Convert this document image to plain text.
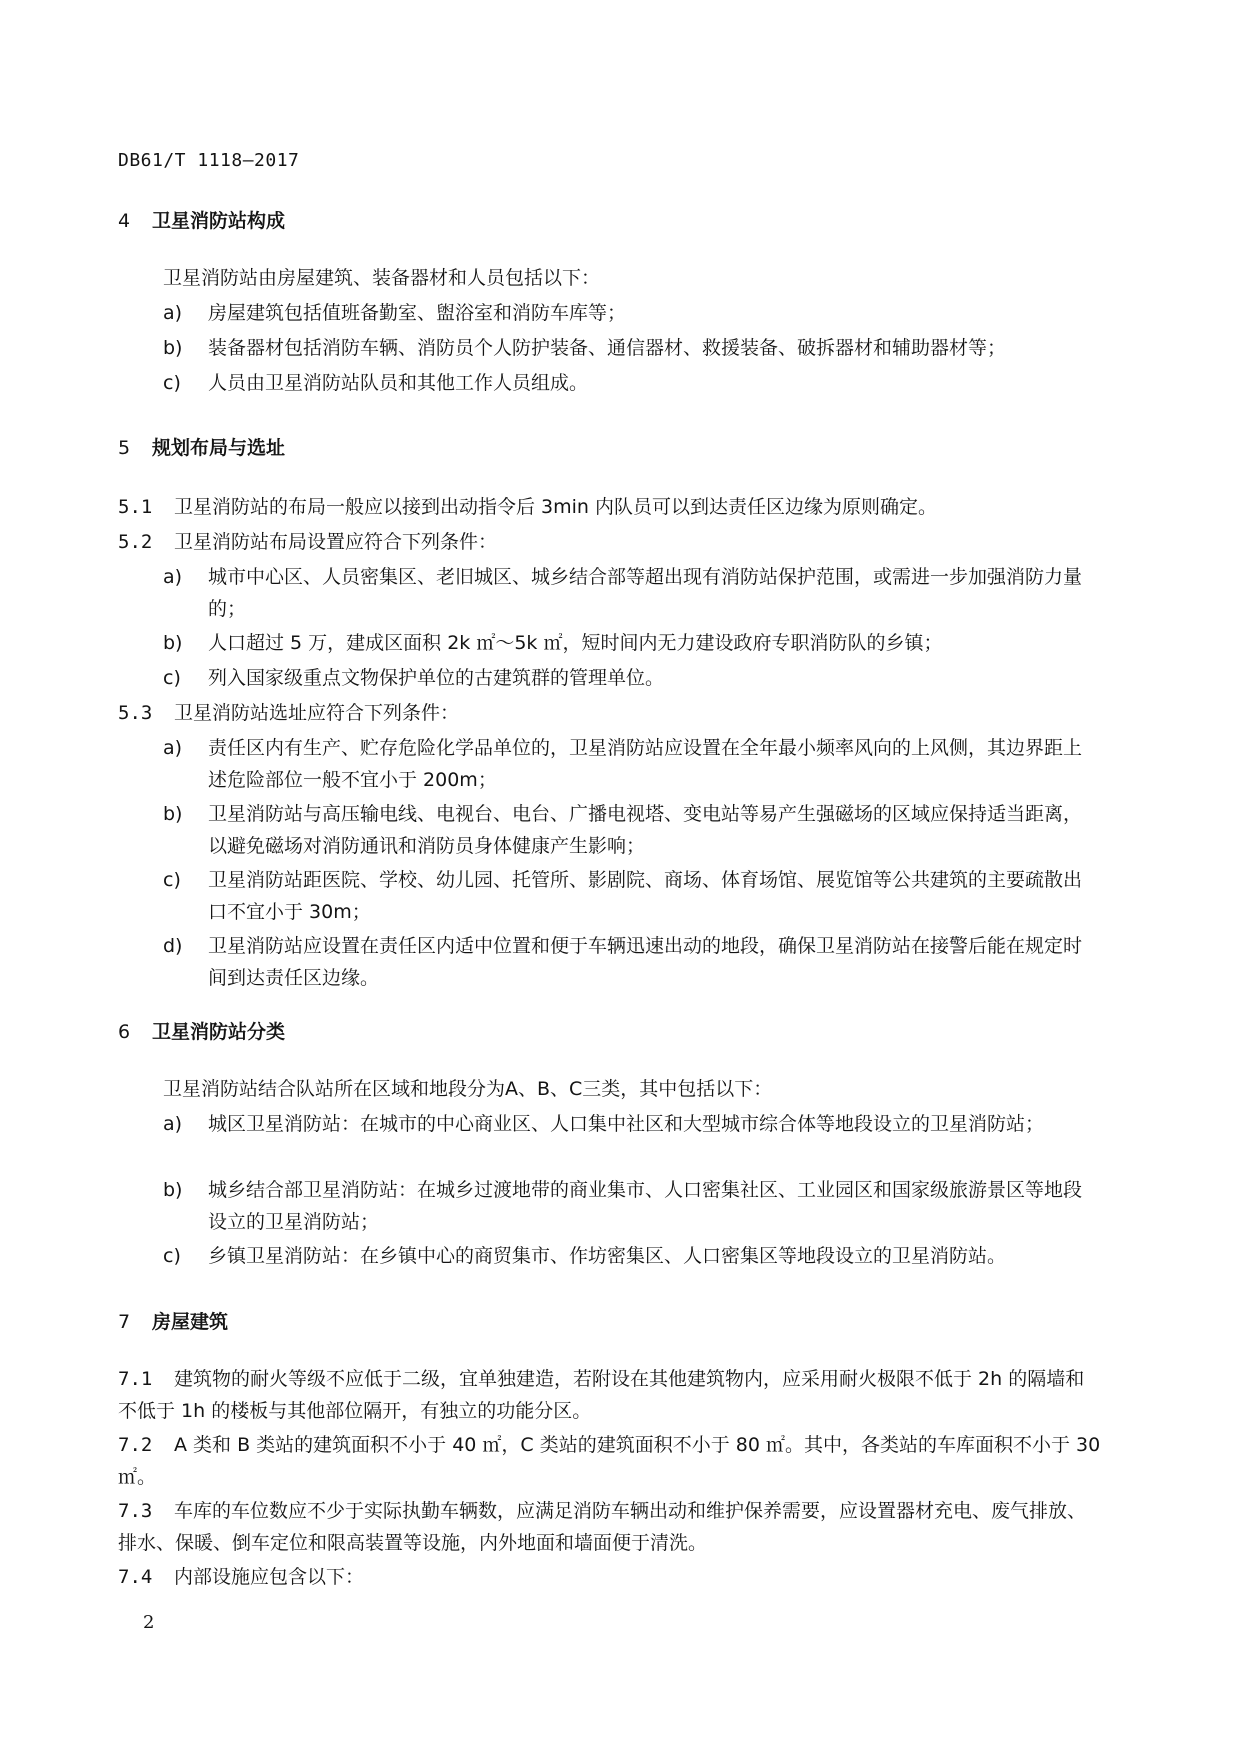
DB61/T 1118—2017
4 卫星消防站构成
卫星消防站由房屋建筑、装备器材和人员包括以下：
a)	房屋建筑包括值班备勤室、盥浴室和消防车库等；
b)	装备器材包括消防车辆、消防员个人防护装备、通信器材、救援装备、破拆器材和辅助器材等；
c)	人员由卫星消防站队员和其他工作人员组成。
5 规划布局与选址
5.1 卫星消防站的布局一般应以接到出动指令后 3min 内队员可以到达责任区边缘为原则确定。
5.2 卫星消防站布局设置应符合下列条件：
a)	城市中心区、人员密集区、老旧城区、城乡结合部等超出现有消防站保护范围，或需进一步加强消防力量的；
b)	人口超过 5 万，建成区面积 2k ㎡～5k ㎡，短时间内无力建设政府专职消防队的乡镇；
c)	列入国家级重点文物保护单位的古建筑群的管理单位。
5.3 卫星消防站选址应符合下列条件：
a)	责任区内有生产、贮存危险化学品单位的，卫星消防站应设置在全年最小频率风向的上风侧，其边界距上述危险部位一般不宜小于 200m；
b)	卫星消防站与高压输电线、电视台、电台、广播电视塔、变电站等易产生强磁场的区域应保持适当距离，以避免磁场对消防通讯和消防员身体健康产生影响；
c)	卫星消防站距医院、学校、幼儿园、托管所、影剧院、商场、体育场馆、展览馆等公共建筑的主要疏散出口不宜小于 30m；
d)	卫星消防站应设置在责任区内适中位置和便于车辆迅速出动的地段，确保卫星消防站在接警后能在规定时间到达责任区边缘。
6 卫星消防站分类
卫星消防站结合队站所在区域和地段分为A、B、C三类，其中包括以下：
a)	城区卫星消防站：在城市的中心商业区、人口集中社区和大型城市综合体等地段设立的卫星消防站；
b)	城乡结合部卫星消防站：在城乡过渡地带的商业集市、人口密集社区、工业园区和国家级旅游景区等地段设立的卫星消防站；
c)	乡镇卫星消防站：在乡镇中心的商贸集市、作坊密集区、人口密集区等地段设立的卫星消防站。
7 房屋建筑
7.1 建筑物的耐火等级不应低于二级，宜单独建造，若附设在其他建筑物内，应采用耐火极限不低于 2h 的隔墙和不低于 1h 的楼板与其他部位隔开，有独立的功能分区。
7.2 A 类和 B 类站的建筑面积不小于 40 ㎡，C 类站的建筑面积不小于 80 ㎡。其中，各类站的车库面积不小于 30 ㎡。
7.3 车库的车位数应不少于实际执勤车辆数，应满足消防车辆出动和维护保养需要，应设置器材充电、废气排放、排水、保暖、倒车定位和限高装置等设施，内外地面和墙面便于清洗。
7.4 内部设施应包含以下：
2
